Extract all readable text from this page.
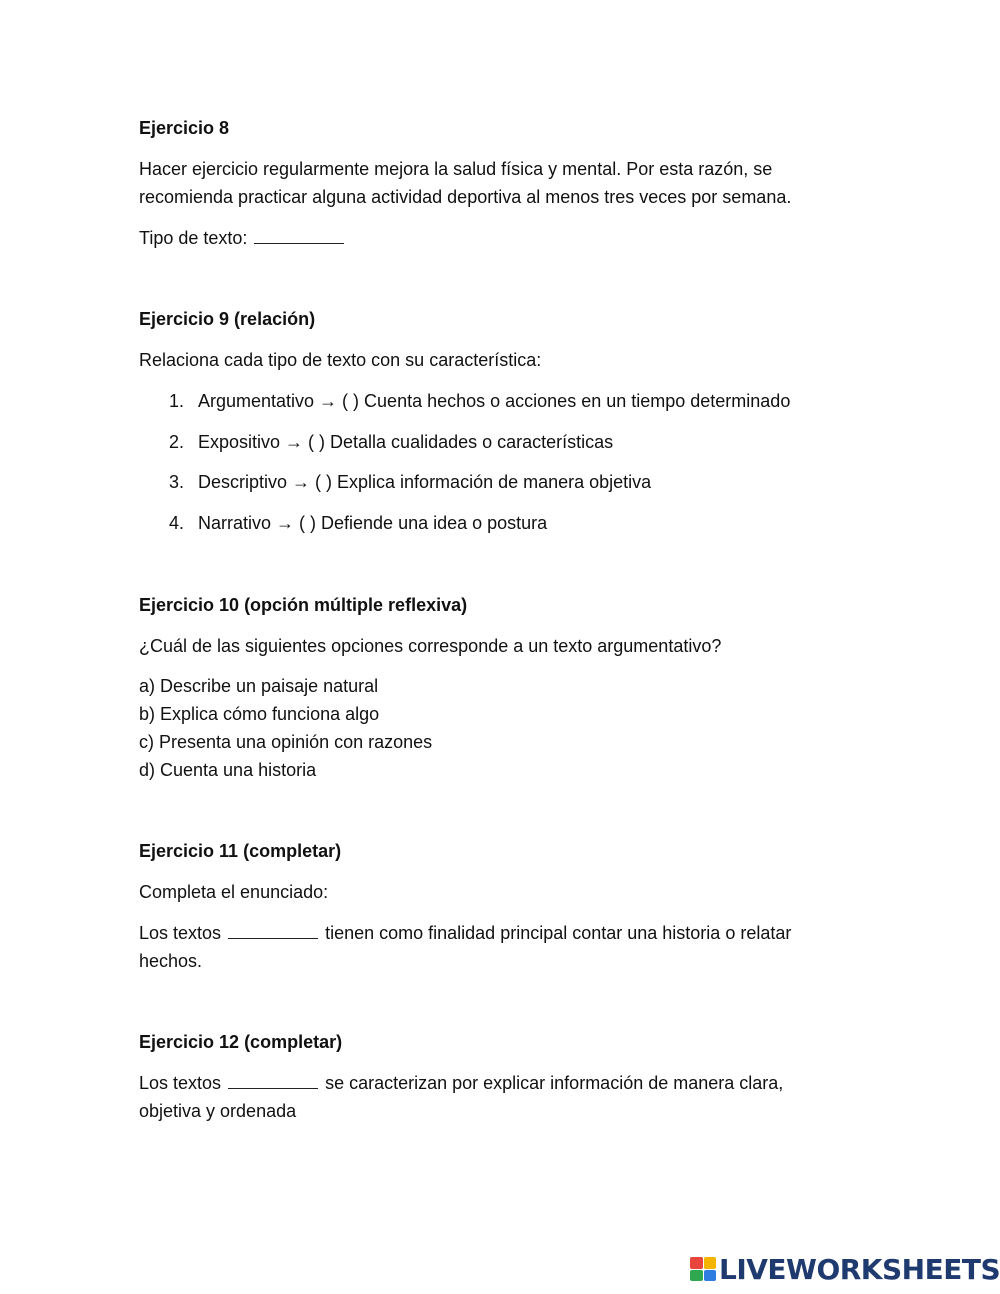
Ejercicio 8
Hacer ejercicio regularmente mejora la salud física y mental. Por esta razón, se
recomienda practicar alguna actividad deportiva al menos tres veces por semana.
Tipo de texto:
Ejercicio 9 (relación)
Relaciona cada tipo de texto con su característica:
1. Argumentativo → ( ) Cuenta hechos o acciones en un tiempo determinado
2. Expositivo → ( ) Detalla cualidades o características
3. Descriptivo → ( ) Explica información de manera objetiva
4. Narrativo → ( ) Defiende una idea o postura
Ejercicio 10 (opción múltiple reflexiva)
¿Cuál de las siguientes opciones corresponde a un texto argumentativo?
a) Describe un paisaje natural
b) Explica cómo funciona algo
c) Presenta una opinión con razones
d) Cuenta una historia
Ejercicio 11 (completar)
Completa el enunciado:
Los textos	tienen como finalidad principal contar una historia o relatar
hechos.
Ejercicio 12 (completar)
Los textos	se caracterizan por explicar información de manera clara,
objetiva y ordenada
LIVEWORKSHEETS
